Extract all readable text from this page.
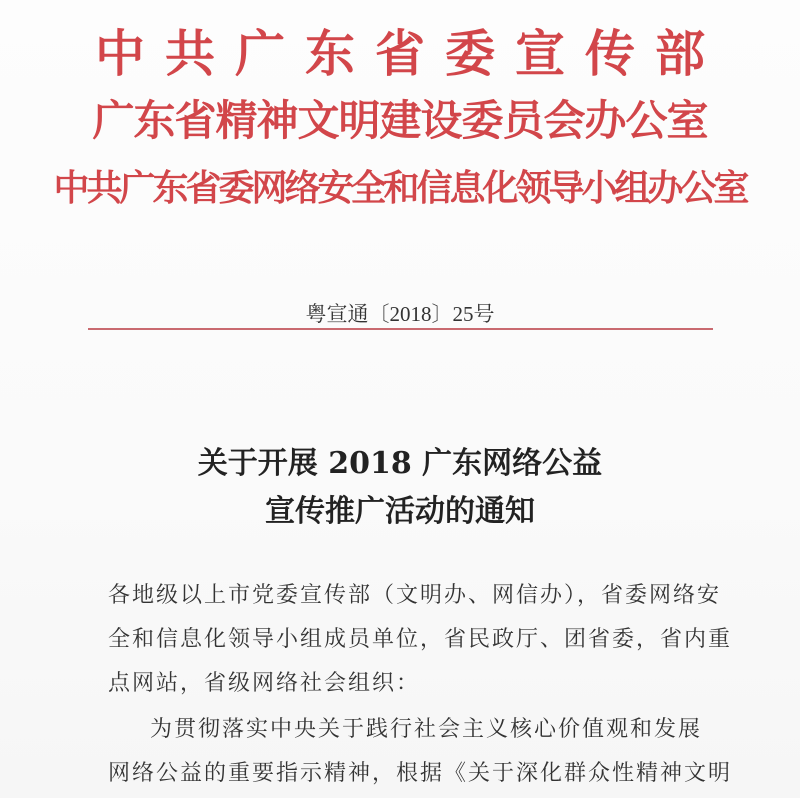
中共广东省委宣传部
广东省精神文明建设委员会办公室
中共广东省委网络安全和信息化领导小组办公室
粤宣通〔2018〕25号
关于开展 2018 广东网络公益
宣传推广活动的通知
各地级以上市党委宣传部（文明办、网信办），省委网络安
全和信息化领导小组成员单位，省民政厅、团省委，省内重
点网站，省级网络社会组织：
为贯彻落实中央关于践行社会主义核心价值观和发展
网络公益的重要指示精神，根据《关于深化群众性精神文明
